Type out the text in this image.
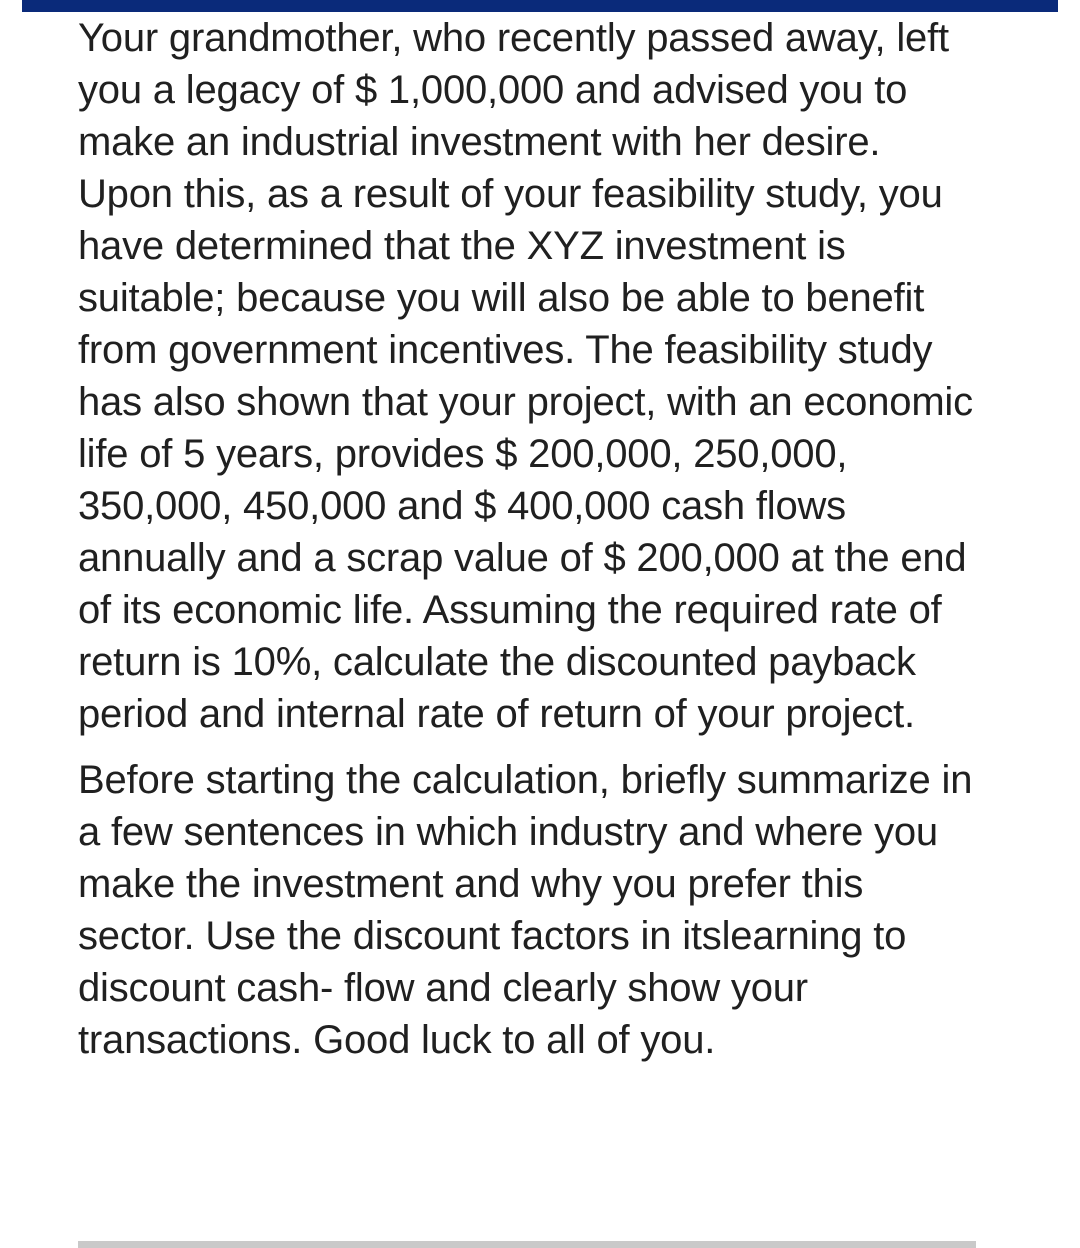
Your grandmother, who recently passed away, left you a legacy of $ 1,000,000 and advised you to make an industrial investment with her desire. Upon this, as a result of your feasibility study, you have determined that the XYZ investment is suitable; because you will also be able to benefit from government incentives. The feasibility study has also shown that your project, with an economic life of 5 years, provides $ 200,000, 250,000, 350,000, 450,000 and $ 400,000 cash flows annually and a scrap value of $ 200,000 at the end of its economic life. Assuming the required rate of return is 10%, calculate the discounted payback period and internal rate of return of your project.

Before starting the calculation, briefly summarize in a few sentences in which industry and where you make the investment and why you prefer this sector. Use the discount factors in itslearning to discount cash- flow and clearly show your transactions. Good luck to all of you.
